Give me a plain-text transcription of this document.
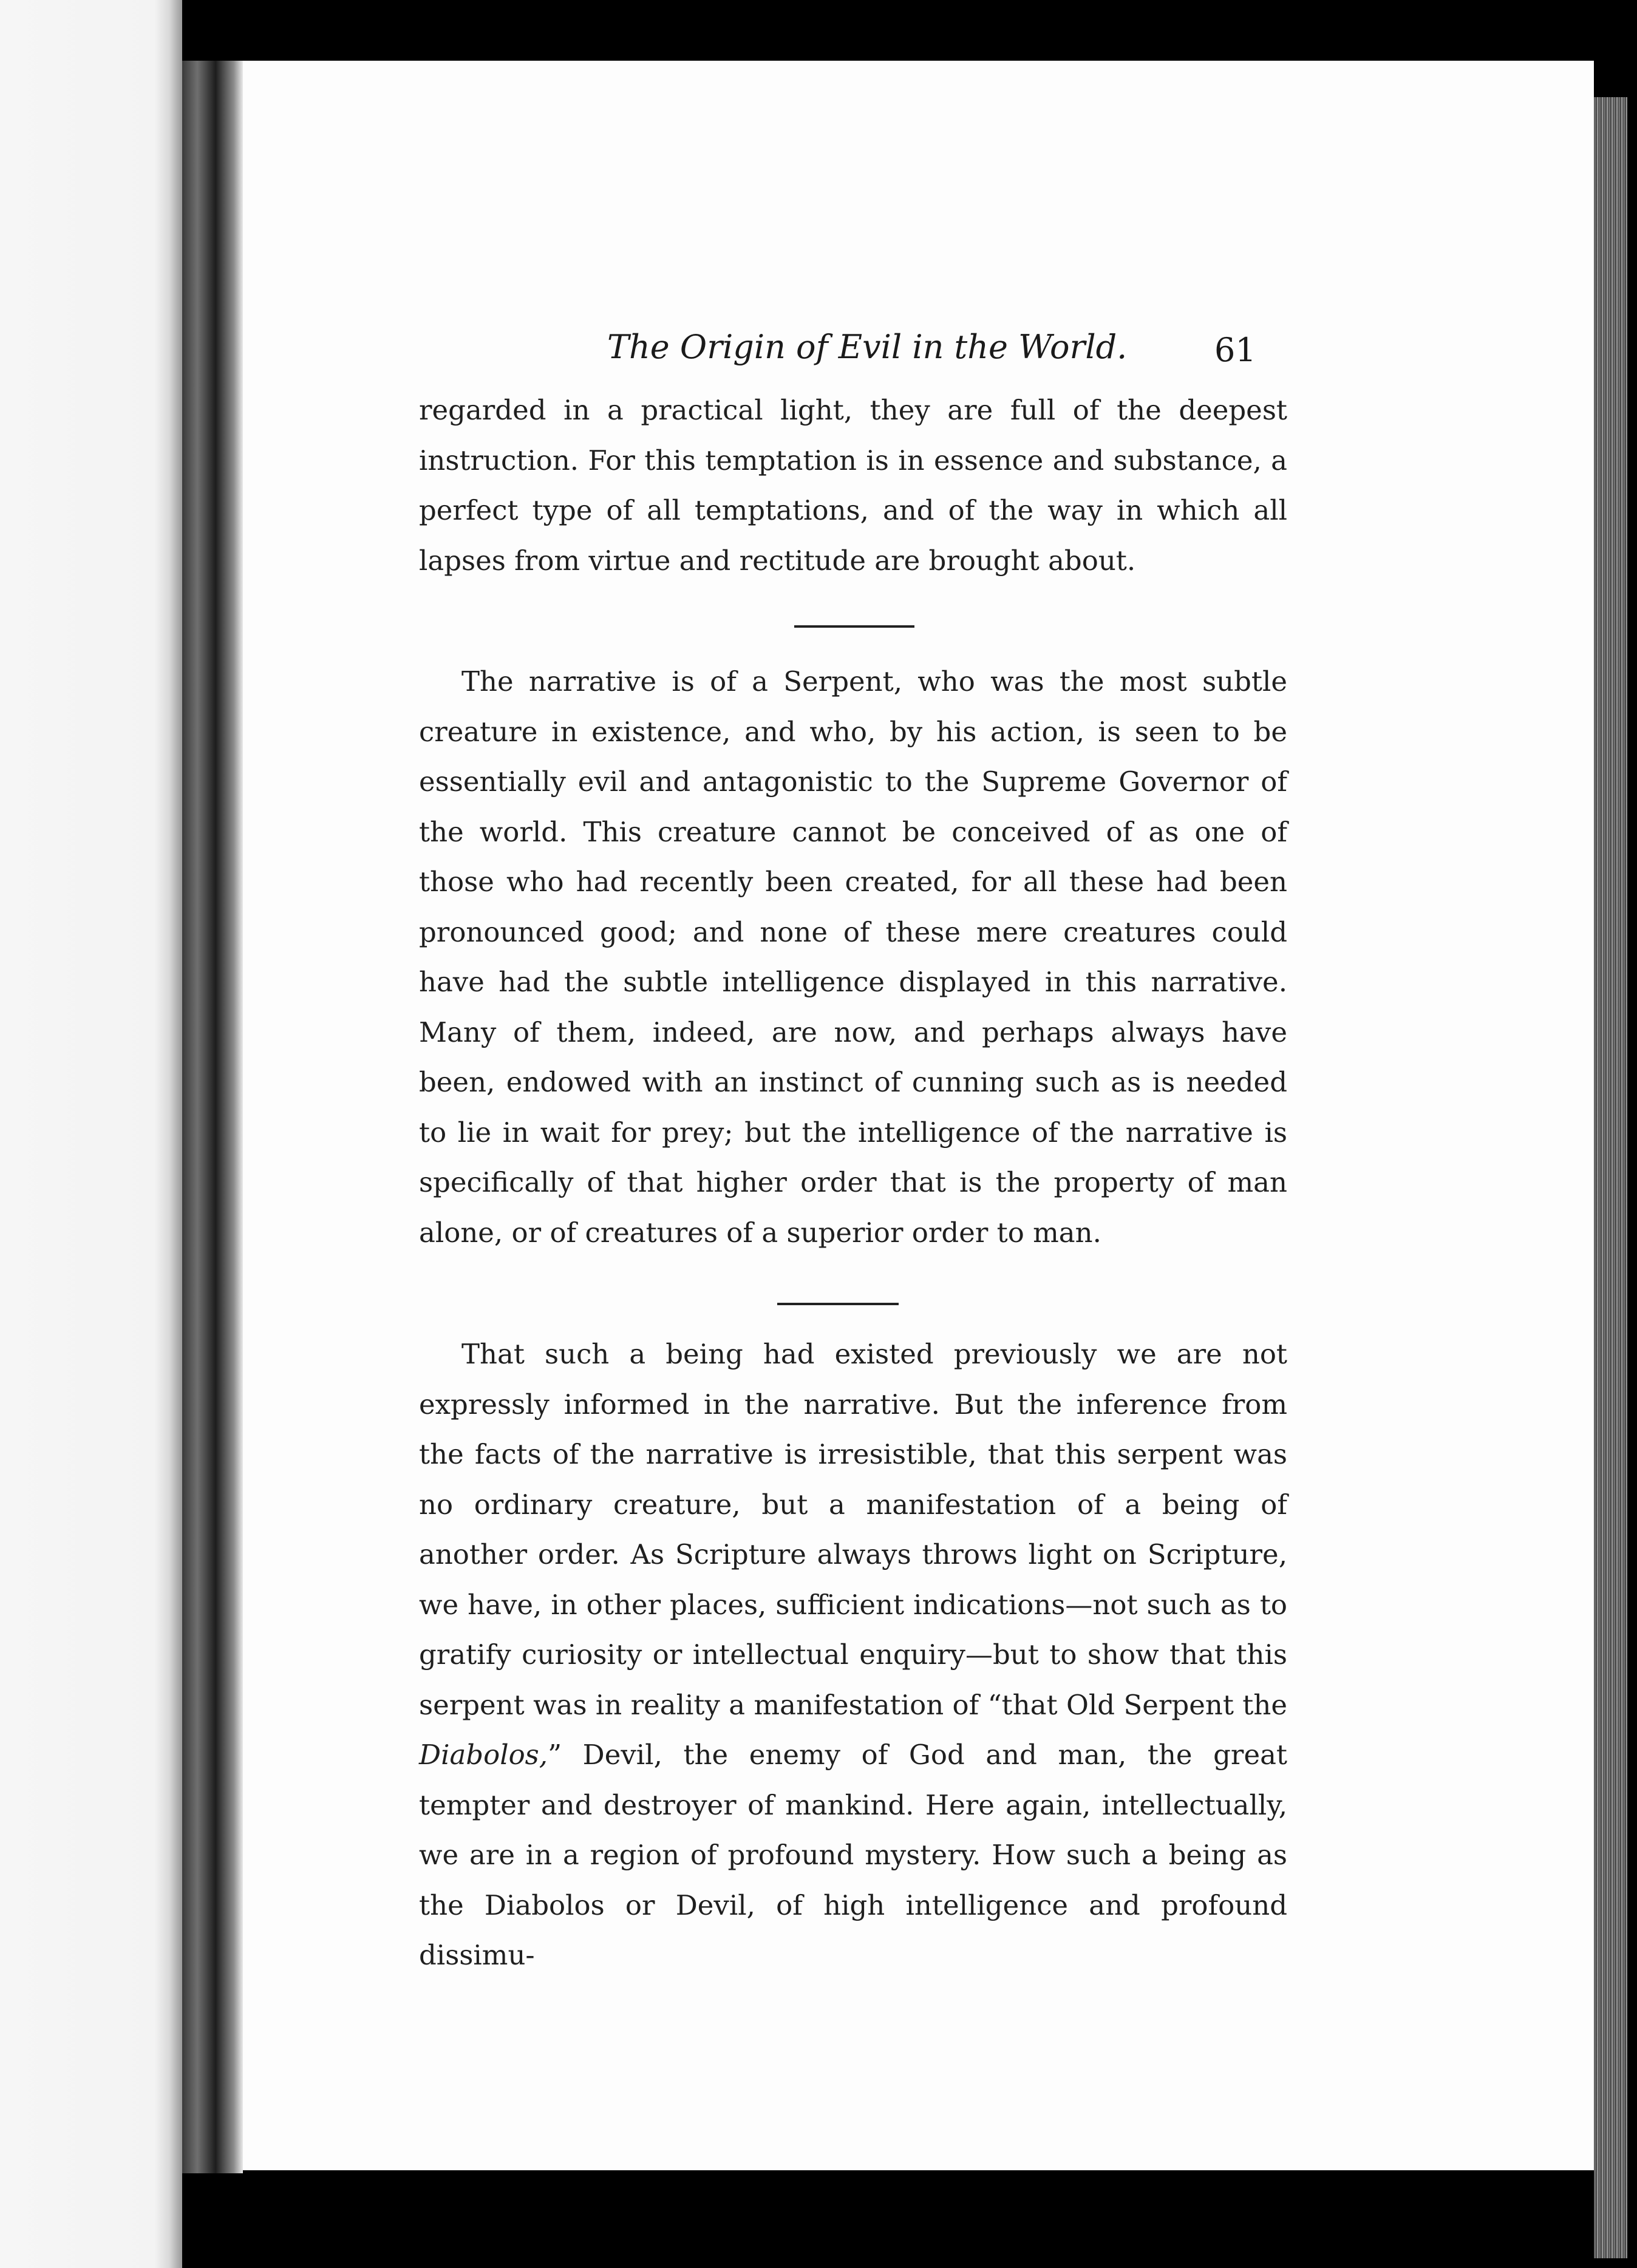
The Origin of Evil in the World.	61

regarded in a practical light, they are full of the deepest instruction. For this temptation is in essence and substance, a perfect type of all temptations, and of the way in which all lapses from virtue and rectitude are brought about.

The narrative is of a Serpent, who was the most subtle creature in existence, and who, by his action, is seen to be essentially evil and antagonistic to the Supreme Governor of the world. This creature cannot be conceived of as one of those who had recently been created, for all these had been pronounced good; and none of these mere creatures could have had the subtle intelligence displayed in this narrative. Many of them, indeed, are now, and perhaps always have been, endowed with an instinct of cunning such as is needed to lie in wait for prey; but the intelligence of the narrative is specifically of that higher order that is the property of man alone, or of creatures of a superior order to man.

That such a being had existed previously we are not expressly informed in the narrative. But the inference from the facts of the narrative is irresistible, that this serpent was no ordinary creature, but a manifestation of a being of another order. As Scripture always throws light on Scripture, we have, in other places, sufficient indications—not such as to gratify curiosity or intellectual enquiry—but to show that this serpent was in reality a manifestation of “that Old Serpent the Diabolos,” Devil, the enemy of God and man, the great tempter and destroyer of mankind. Here again, intellectually, we are in a region of profound mystery. How such a being as the Diabolos or Devil, of high intelligence and profound dissimu-
